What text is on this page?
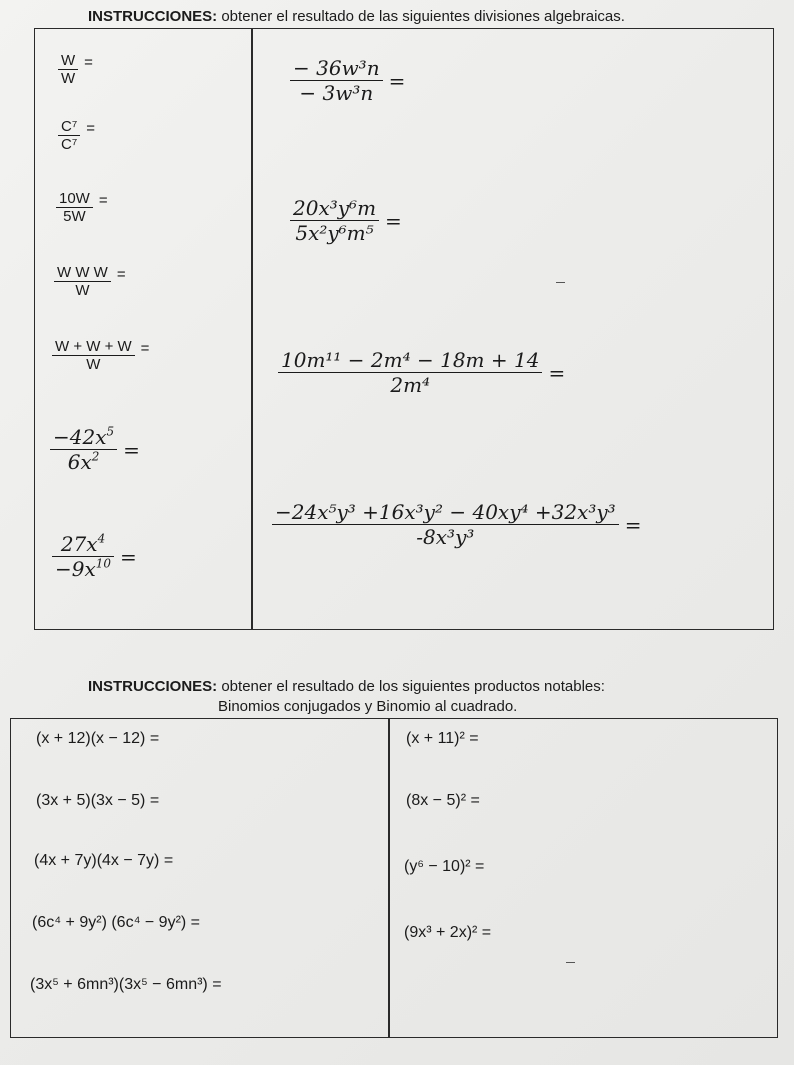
INSTRUCCIONES: obtener el resultado de las siguientes divisiones algebraicas.
$\frac{W}{W}$ =
$\frac{\text{C⁷}}{\text{C⁷}}$ =
$\frac{10W}{5W}$ =
$\frac{\text{W W W}}{W}$ =
$\frac{W + W + W}{W}$ =
$\frac{-42x^5}{6x^2}$ =
$\frac{27x^4}{-9x^{10}}$ =
$\frac{\text{− 36w³n}}{\text{− 3w³n}}$ =
$\frac{\text{20x³y⁶m}}{\text{5x²y⁶m⁵}}$ =
$\frac{\text{10m¹¹ − 2m⁴ − 18m + 14}}{\text{2m⁴}}$ =
$\frac{\text{−24x⁵y³ +16x³y² − 40xy⁴ +32x³y³}}{\text{-8x³y³}}$ =
INSTRUCCIONES: obtener el resultado de los siguientes productos notables:
Binomios conjugados y Binomio al cuadrado.
(x + 12)(x − 12) =
(3x + 5)(3x − 5) =
(4x + 7y)(4x − 7y) =
(6c⁴ + 9y²) (6c⁴ − 9y²) =
(3x⁵ + 6mn³)(3x⁵ − 6mn³) =
(x + 11)² =
(8x − 5)² =
(y⁶ − 10)² =
(9x³ + 2x)² =
